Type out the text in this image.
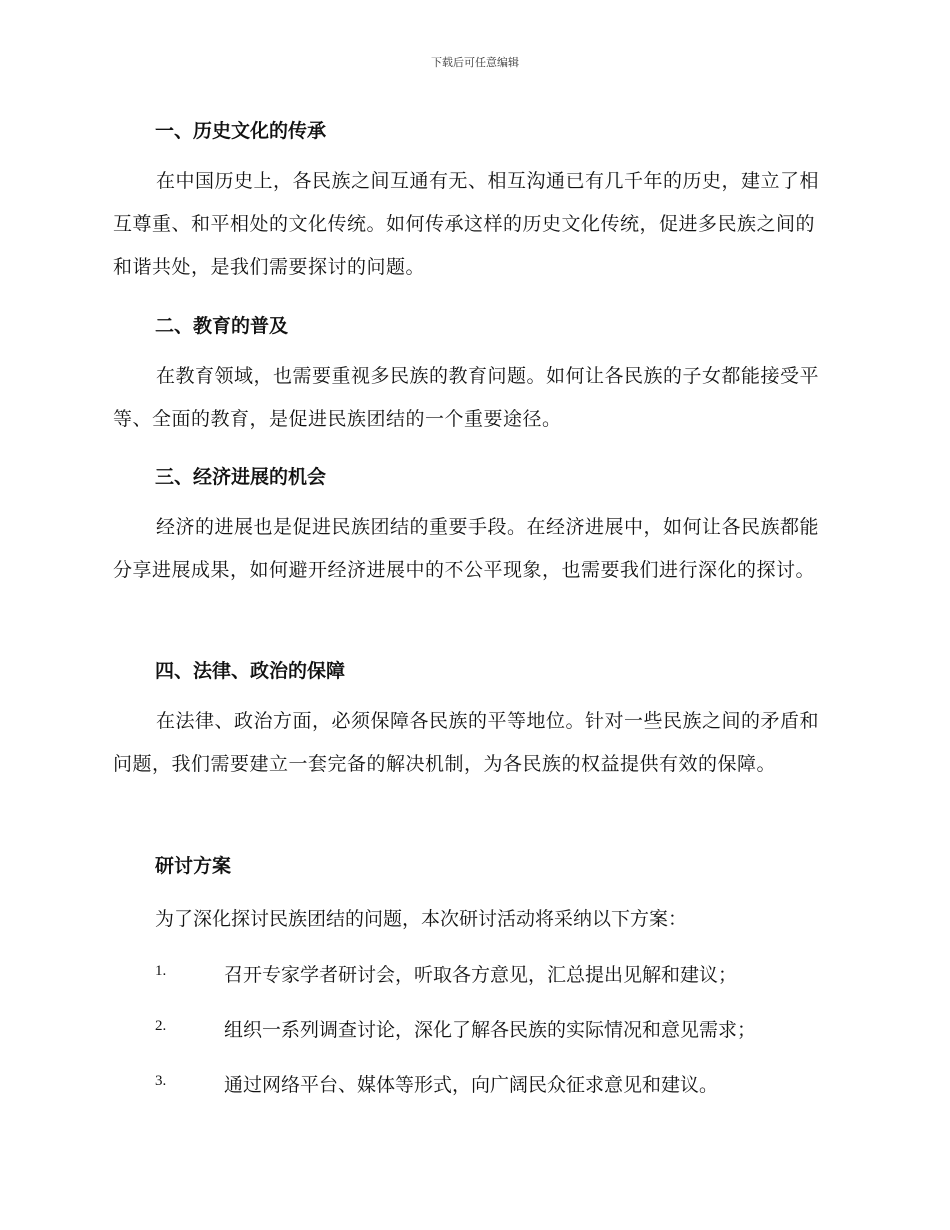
下载后可任意编辑
一、历史文化的传承

在中国历史上，各民族之间互通有无、相互沟通已有几千年的历史，建立了相互尊重、和平相处的文化传统。如何传承这样的历史文化传统，促进多民族之间的和谐共处，是我们需要探讨的问题。

二、教育的普及

在教育领域，也需要重视多民族的教育问题。如何让各民族的子女都能接受平等、全面的教育，是促进民族团结的一个重要途径。

三、经济进展的机会

经济的进展也是促进民族团结的重要手段。在经济进展中，如何让各民族都能分享进展成果，如何避开经济进展中的不公平现象，也需要我们进行深化的探讨。

四、法律、政治的保障

在法律、政治方面，必须保障各民族的平等地位。针对一些民族之间的矛盾和问题，我们需要建立一套完备的解决机制，为各民族的权益提供有效的保障。

研讨方案

为了深化探讨民族团结的问题，本次研讨活动将采纳以下方案：

1.	召开专家学者研讨会，听取各方意见，汇总提出见解和建议；
2.	组织一系列调查讨论，深化了解各民族的实际情况和意见需求；
3.	通过网络平台、媒体等形式，向广阔民众征求意见和建议。
